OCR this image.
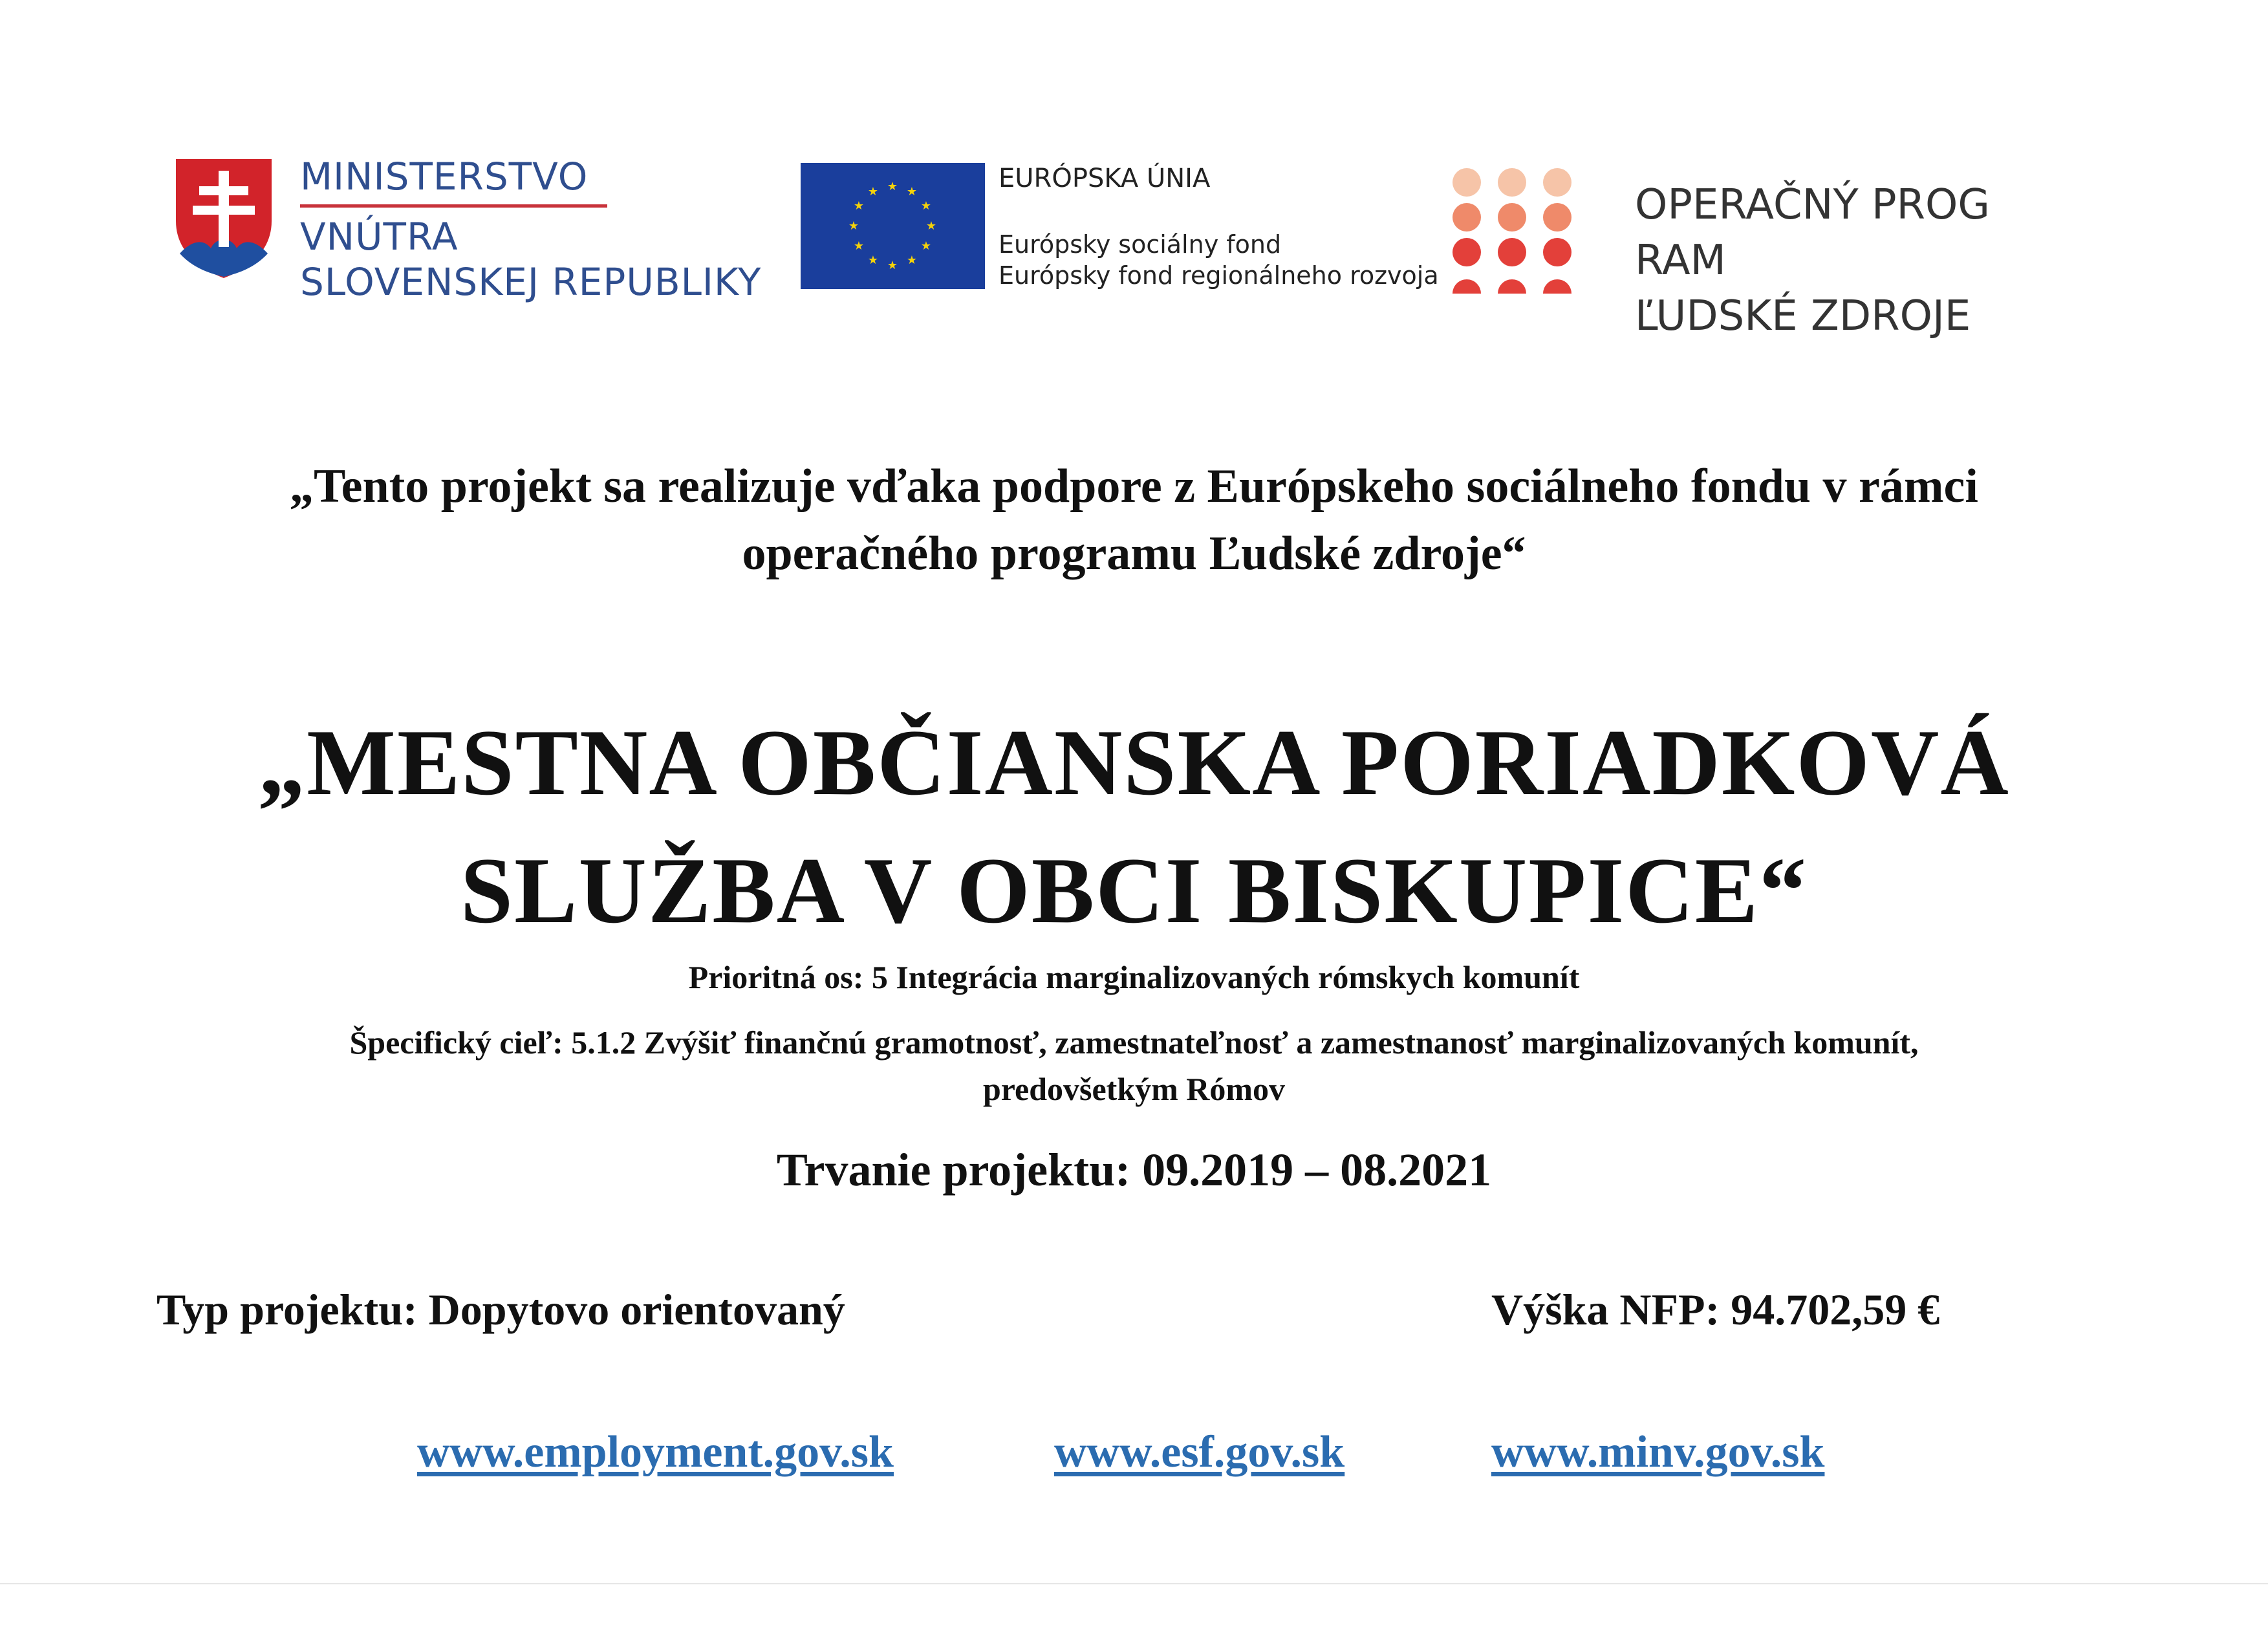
MINISTERSTVO
VNÚTRA
SLOVENSKEJ REPUBLIKY
★ ★
★
★
★
★
★
★
★
★
★
★	EURÓPSKA ÚNIA
Európsky sociálny fond
Európsky fond regionálneho rozvoja
OPERAČNÝ PROG RAM
ĽUDSKÉ ZDROJE
„Tento projekt sa realizuje vďaka podpore z Európskeho sociálneho fondu v rámci
operačného programu Ľudské zdroje“
„MESTNA OBČIANSKA PORIADKOVÁ
SLUŽBA V OBCI BISKUPICE“
Prioritná os: 5 Integrácia marginalizovaných rómskych komunít
Špecifický cieľ: 5.1.2 Zvýšiť finančnú gramotnosť, zamestnateľnosť a zamestnanosť marginalizovaných komunít,
predovšetkým Rómov
Trvanie projektu: 09.2019 – 08.2021
Typ projektu: Dopytovo orientovaný	Výška NFP: 94.702,59 €
www.employment.gov.sk	www.esf.gov.sk	www.minv.gov.sk
